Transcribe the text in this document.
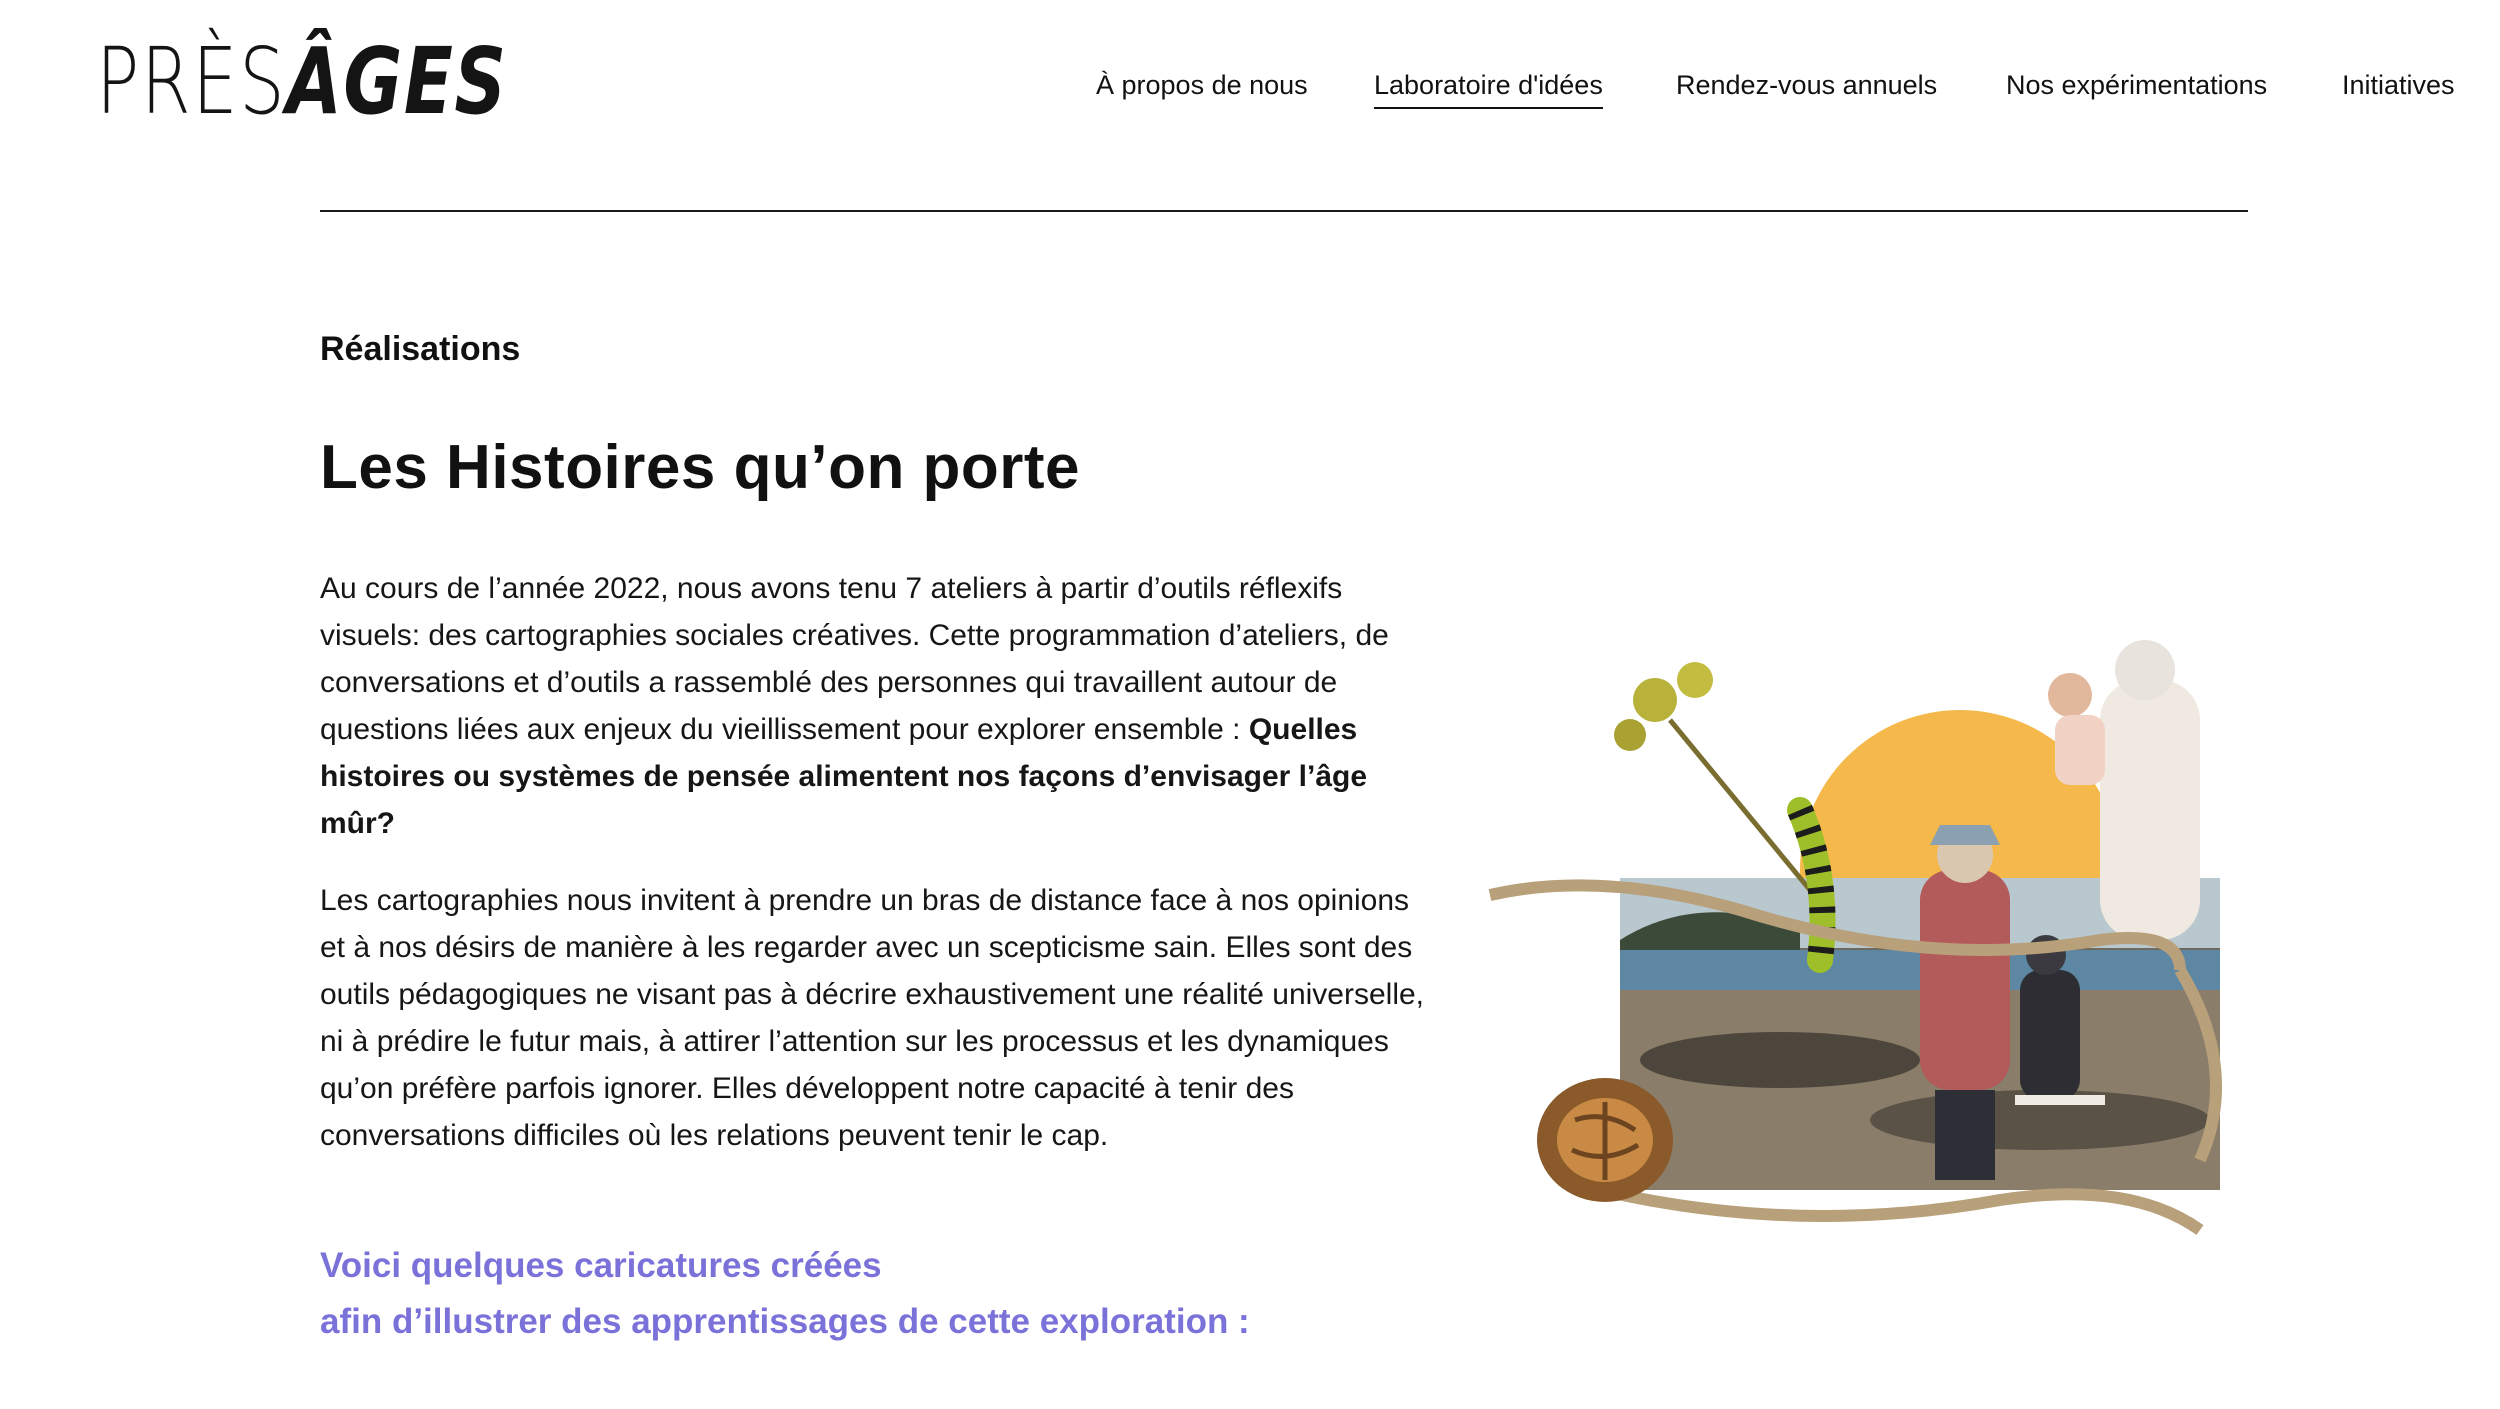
PRÈSÂGES	À propos de nous Laboratoire d'idées	Rendez-vous annuels	Nos expérimentations	Initiatives
Réalisations
Les Histoires qu’on porte

Au cours de l’année 2022, nous avons tenu 7 ateliers à partir d’outils réflexifs visuels: des cartographies sociales créatives. Cette programmation d’ateliers, de conversations et d’outils a rassemblé des personnes qui travaillent autour de questions liées aux enjeux du vieillissement pour explorer ensemble : Quelles histoires ou systèmes de pensée alimentent nos façons d’envisager l’âge mûr?

Les cartographies nous invitent à prendre un bras de distance face à nos opinions et à nos désirs de manière à les regarder avec un scepticisme sain. Elles sont des outils pédagogiques ne visant pas à décrire exhaustivement une réalité universelle, ni à prédire le futur mais, à attirer l’attention sur les processus et les dynamiques qu’on préfère parfois ignorer. Elles développent notre capacité à tenir des conversations difficiles où les relations peuvent tenir le cap.

Voici quelques caricatures créées
afin d’illustrer des apprentissages de cette exploration :
